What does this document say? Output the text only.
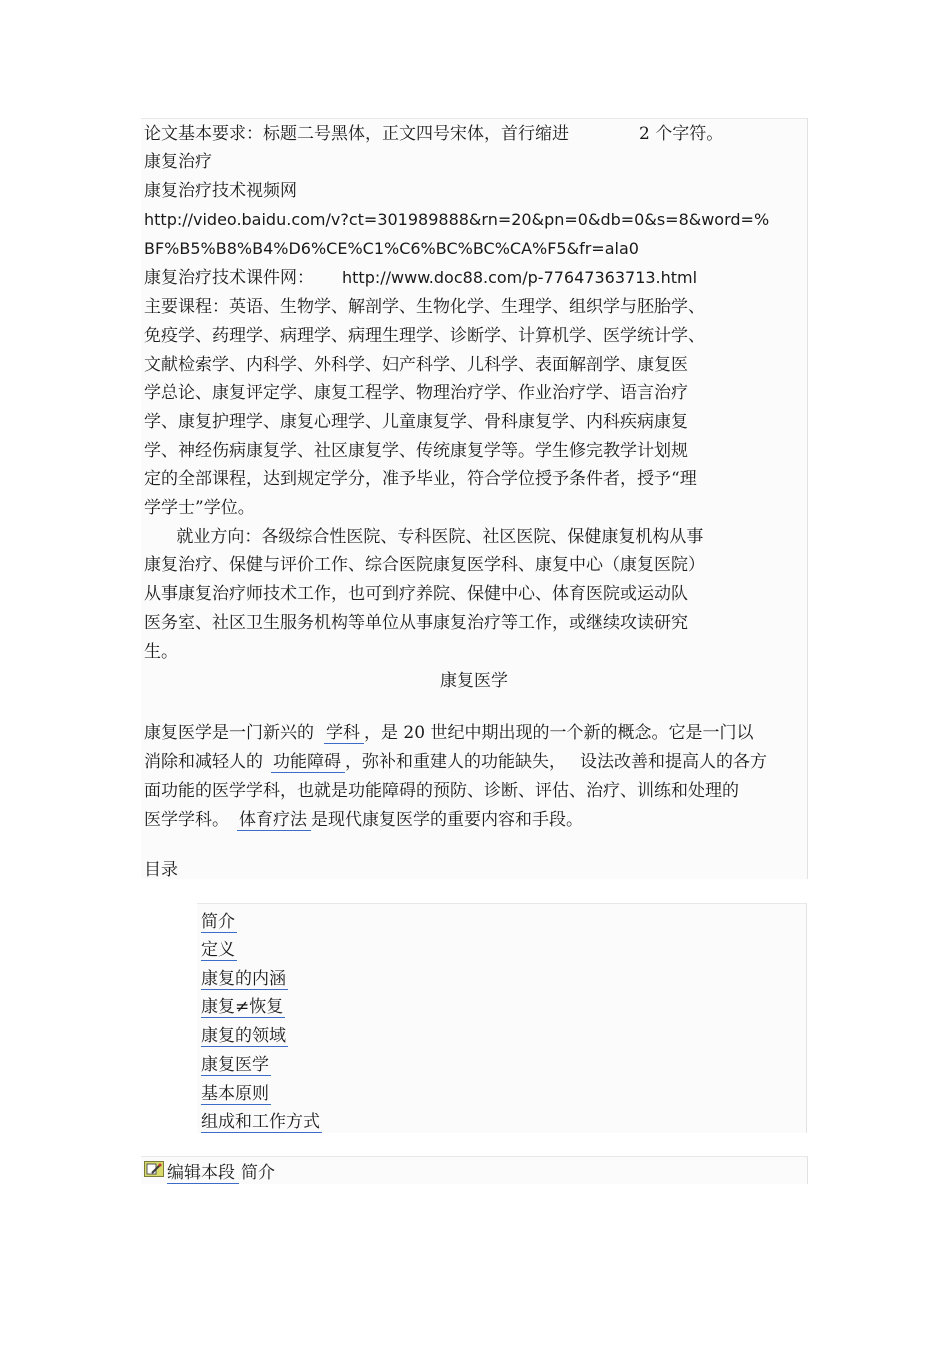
论文基本要求：标题二号黑体，正文四号宋体，首行缩进	2 个字符。
康复治疗
康复治疗技术视频网
http://video.baidu.com/v?ct=301989888&rn=20&pn=0&db=0&s=8&word=%
BF%B5%B8%B4%D6%CE%C1%C6%BC%BC%CA%F5&fr=ala0
康复治疗技术课件网： http://www.doc88.com/p-77647363713.html
主要课程：英语、生物学、解剖学、生物化学、生理学、组织学与胚胎学、
免疫学、药理学、病理学、病理生理学、诊断学、计算机学、医学统计学、
文献检索学、内科学、外科学、妇产科学、儿科学、表面解剖学、康复医
学总论、康复评定学、康复工程学、物理治疗学、作业治疗学、语言治疗
学、康复护理学、康复心理学、儿童康复学、骨科康复学、内科疾病康复
学、神经伤病康复学、社区康复学、传统康复学等。学生修完教学计划规
定的全部课程，达到规定学分，准予毕业，符合学位授予条件者，授予“理
学学士”学位。
就业方向：各级综合性医院、专科医院、社区医院、保健康复机构从事
康复治疗、保健与评价工作、综合医院康复医学科、康复中心（康复医院）
从事康复治疗师技术工作，也可到疗养院、保健中心、体育医院或运动队
医务室、社区卫生服务机构等单位从事康复治疗等工作，或继续攻读研究
生。
康复医学
康复医学是一门新兴的 学科 ，是 20 世纪中期出现的一个新的概念。它是一门以
消除和减轻人的 功能障碍 ，弥补和重建人的功能缺失， 设法改善和提高人的各方
面功能的医学学科，也就是功能障碍的预防、诊断、评估、治疗、训练和处理的
医学学科。 体育疗法 是现代康复医学的重要内容和手段。
目录
简介
定义
康复的内涵
康复≠恢复
康复的领域
康复医学
基本原则
组成和工作方式
编辑本段 简介
